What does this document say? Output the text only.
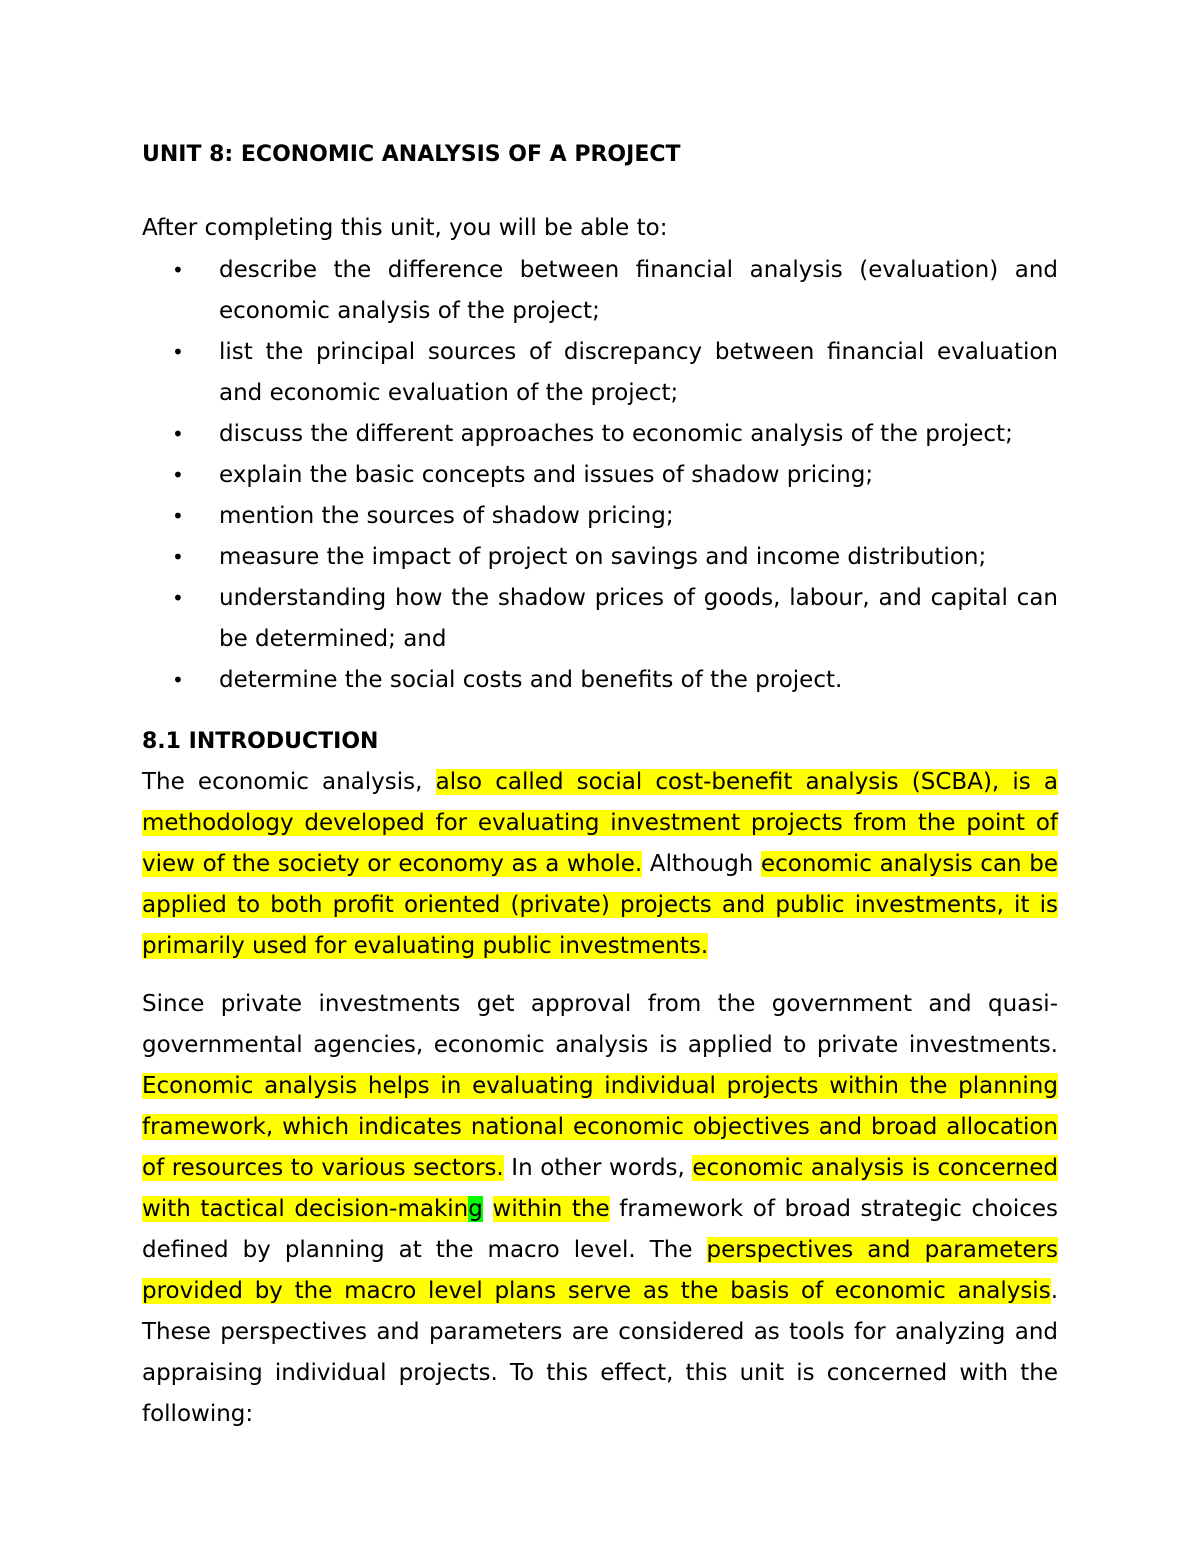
UNIT 8: ECONOMIC ANALYSIS OF A PROJECT

After completing this unit, you will be able to:

• describe the difference between financial analysis (evaluation) and economic analysis of the project;
• list the principal sources of discrepancy between financial evaluation and economic evaluation of the project;
• discuss the different approaches to economic analysis of the project;
• explain the basic concepts and issues of shadow pricing;
• mention the sources of shadow pricing;
• measure the impact of project on savings and income distribution;
• understanding how the shadow prices of goods, labour, and capital can be determined; and
• determine the social costs and benefits of the project.
8.1 INTRODUCTION

The economic analysis, also called social cost-benefit analysis (SCBA), is a methodology developed for evaluating investment projects from the point of view of the society or economy as a whole. Although economic analysis can be applied to both profit oriented (private) projects and public investments, it is primarily used for evaluating public investments.

Since private investments get approval from the government and quasi-governmental agencies, economic analysis is applied to private investments. Economic analysis helps in evaluating individual projects within the planning framework, which indicates national economic objectives and broad allocation of resources to various sectors. In other words, economic analysis is concerned with tactical decision-making within the framework of broad strategic choices defined by planning at the macro level. The perspectives and parameters provided by the macro level plans serve as the basis of economic analysis. These perspectives and parameters are considered as tools for analyzing and appraising individual projects. To this effect, this unit is concerned with the following:
